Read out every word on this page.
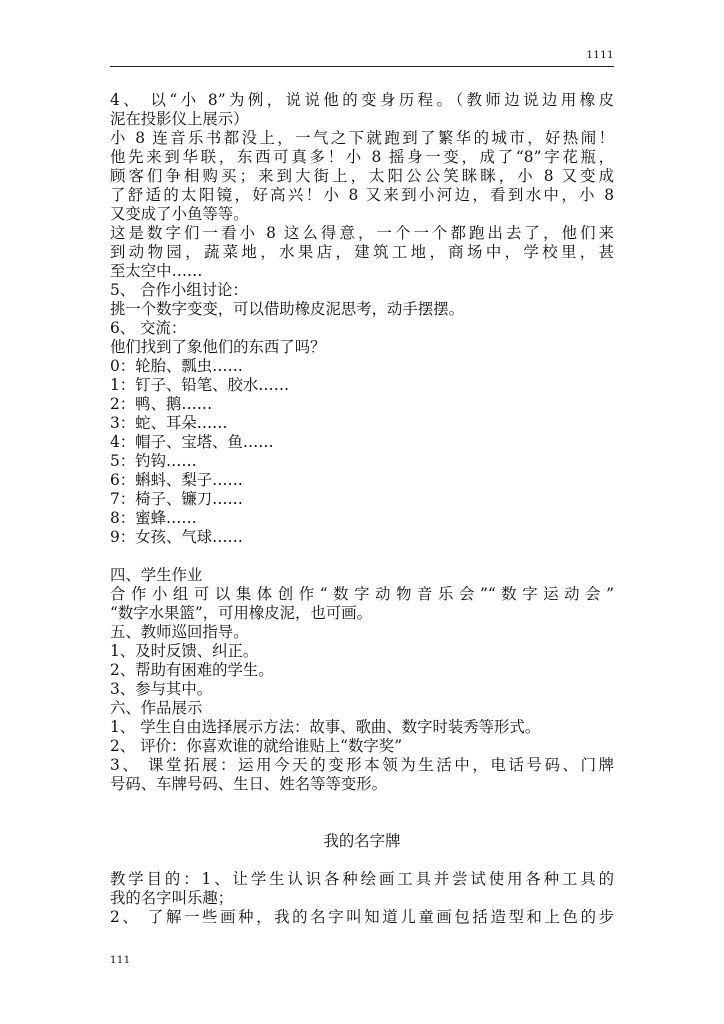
1111
4、 以“小 8”为例，说说他的变身历程。（教师边说边用橡皮
泥在投影仪上展示）
小 8 连音乐书都没上，一气之下就跑到了繁华的城市，好热闹！
他先来到华联，东西可真多！小 8 摇身一变，成了“8”字花瓶，
顾客们争相购买；来到大街上，太阳公公笑眯眯，小 8 又变成
了舒适的太阳镜，好高兴！小 8 又来到小河边，看到水中，小 8
又变成了小鱼等等。
这是数字们一看小 8 这么得意，一个一个都跑出去了，他们来
到动物园，蔬菜地，水果店，建筑工地，商场中，学校里，甚
至太空中……
5、 合作小组讨论：
挑一个数字变变，可以借助橡皮泥思考，动手摆摆。
6、 交流：
他们找到了象他们的东西了吗？
0：轮胎、瓢虫……
1：钉子、铅笔、胶水……
2：鸭、鹅……
3：蛇、耳朵……
4：帽子、宝塔、鱼……
5：钓钩……
6：蝌蚪、梨子……
7：椅子、镰刀……
8：蜜蜂……
9：女孩、气球……
四、学生作业
合作小组可以集体创作“数字动物音乐会”“数字运动会”
“数字水果篮”，可用橡皮泥，也可画。
五、教师巡回指导。
1、及时反馈、纠正。
2、帮助有困难的学生。
3、参与其中。
六、作品展示
1、 学生自由选择展示方法：故事、歌曲、数字时装秀等形式。
2、 评价：你喜欢谁的就给谁贴上“数字奖”
3、 课堂拓展：运用今天的变形本领为生活中，电话号码、门牌
号码、车牌号码、生日、姓名等等变形。
我的名字牌
教学目的：1、让学生认识各种绘画工具并尝试使用各种工具的
我的名字叫乐趣；
2、 了解一些画种，我的名字叫知道儿童画包括造型和上色的步
111
